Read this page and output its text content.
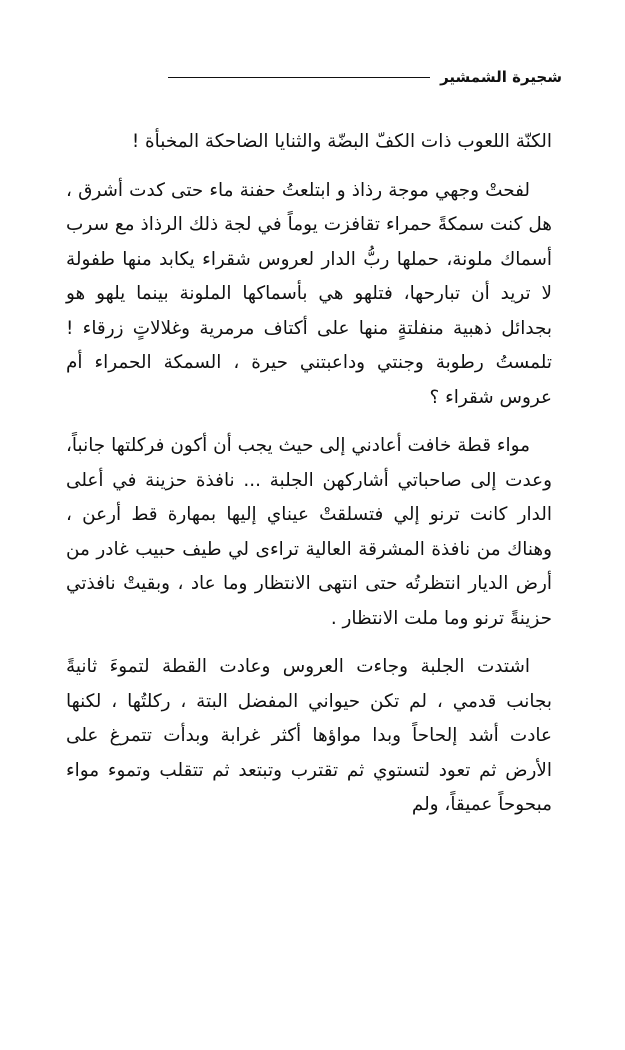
شجيرة الشمشير

الكنّة اللعوب ذات الكفّ البضّة والثنايا الضاحكة المخبأة !

لفحتْ وجهي موجة رذاذ و ابتلعتُ حفنة ماء حتى كدت أشرق ، هل كنت سمكةً حمراء تقافزت يوماً في لجة ذلك الرذاذ مع سرب أسماك ملونة، حملها ربُّ الدار لعروس شقراء يكابد منها طفولة لا تريد أن تبارحها، فتلهو هي بأسماكها الملونة بينما يلهو هو بجدائل ذهبية منفلتةٍ منها على أكتاف مرمرية وغلالاتٍ زرقاء ! تلمستُ رطوبة وجنتي وداعبتني حيرة ، السمكة الحمراء أم عروس شقراء ؟

مواء قطة خافت أعادني إلى حيث يجب أن أكون فركلتها جانباً، وعدت إلى صاحباتي أشاركهن الجلبة ... نافذة حزينة في أعلى الدار كانت ترنو إلي فتسلقتْ عيناي إليها بمهارة قط أرعن ، وهناك من نافذة المشرقة العالية تراءى لي طيف حبيب غادر من أرض الديار انتظرتُه حتى انتهى الانتظار وما عاد ، وبقيتْ نافذتي حزينةً ترنو وما ملت الانتظار .

اشتدت الجلبة وجاءت العروس وعادت القطة لتموءَ ثانيةً بجانب قدمي ، لم تكن حيواني المفضل البتة ، ركلتُها ، لكنها عادت أشد إلحاحاً وبدا مواؤها أكثر غرابة وبدأت تتمرغ على الأرض ثم تعود لتستوي ثم تقترب وتبتعد ثم تتقلب وتموء مواء مبحوحاً عميقاً، ولم
